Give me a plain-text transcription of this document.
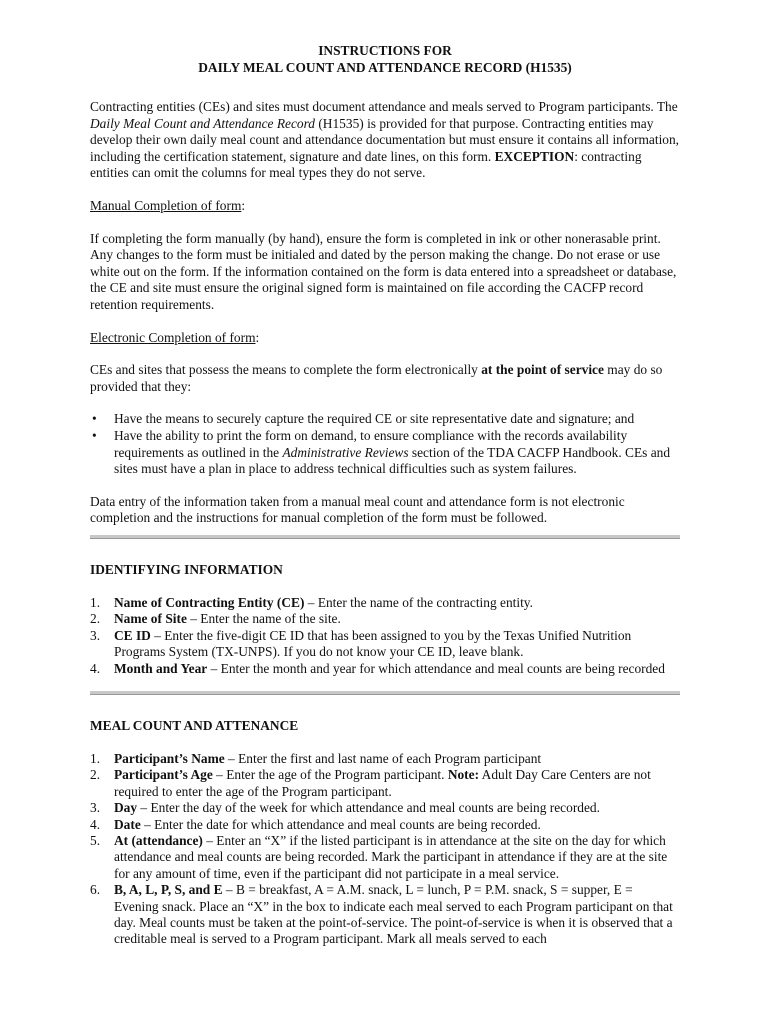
INSTRUCTIONS FOR
DAILY MEAL COUNT AND ATTENDANCE RECORD (H1535)

Contracting entities (CEs) and sites must document attendance and meals served to Program participants. The Daily Meal Count and Attendance Record (H1535) is provided for that purpose. Contracting entities may develop their own daily meal count and attendance documentation but must ensure it contains all information, including the certification statement, signature and date lines, on this form. EXCEPTION: contracting entities can omit the columns for meal types they do not serve.

Manual Completion of form:

If completing the form manually (by hand), ensure the form is completed in ink or other nonerasable print. Any changes to the form must be initialed and dated by the person making the change. Do not erase or use white out on the form. If the information contained on the form is data entered into a spreadsheet or database, the CE and site must ensure the original signed form is maintained on file according the CACFP record retention requirements.

Electronic Completion of form:

CEs and sites that possess the means to complete the form electronically at the point of service may do so provided that they:

• Have the means to securely capture the required CE or site representative date and signature; and
• Have the ability to print the form on demand, to ensure compliance with the records availability requirements as outlined in the Administrative Reviews section of the TDA CACFP Handbook. CEs and sites must have a plan in place to address technical difficulties such as system failures.

Data entry of the information taken from a manual meal count and attendance form is not electronic completion and the instructions for manual completion of the form must be followed.

IDENTIFYING INFORMATION
1. Name of Contracting Entity (CE) – Enter the name of the contracting entity.
2. Name of Site – Enter the name of the site.
3. CE ID – Enter the five-digit CE ID that has been assigned to you by the Texas Unified Nutrition Programs System (TX-UNPS). If you do not know your CE ID, leave blank.
4. Month and Year – Enter the month and year for which attendance and meal counts are being recorded
MEAL COUNT AND ATTENANCE
1. Participant’s Name – Enter the first and last name of each Program participant
2. Participant’s Age – Enter the age of the Program participant. Note: Adult Day Care Centers are not required to enter the age of the Program participant.
3. Day – Enter the day of the week for which attendance and meal counts are being recorded.
4. Date – Enter the date for which attendance and meal counts are being recorded.
5. At (attendance) – Enter an “X” if the listed participant is in attendance at the site on the day for which attendance and meal counts are being recorded. Mark the participant in attendance if they are at the site for any amount of time, even if the participant did not participate in a meal service.
6. B, A, L, P, S, and E – B = breakfast, A = A.M. snack, L = lunch, P = P.M. snack, S = supper, E = Evening snack. Place an “X” in the box to indicate each meal served to each Program participant on that day. Meal counts must be taken at the point-of-service. The point-of-service is when it is observed that a creditable meal is served to a Program participant. Mark all meals served to each
